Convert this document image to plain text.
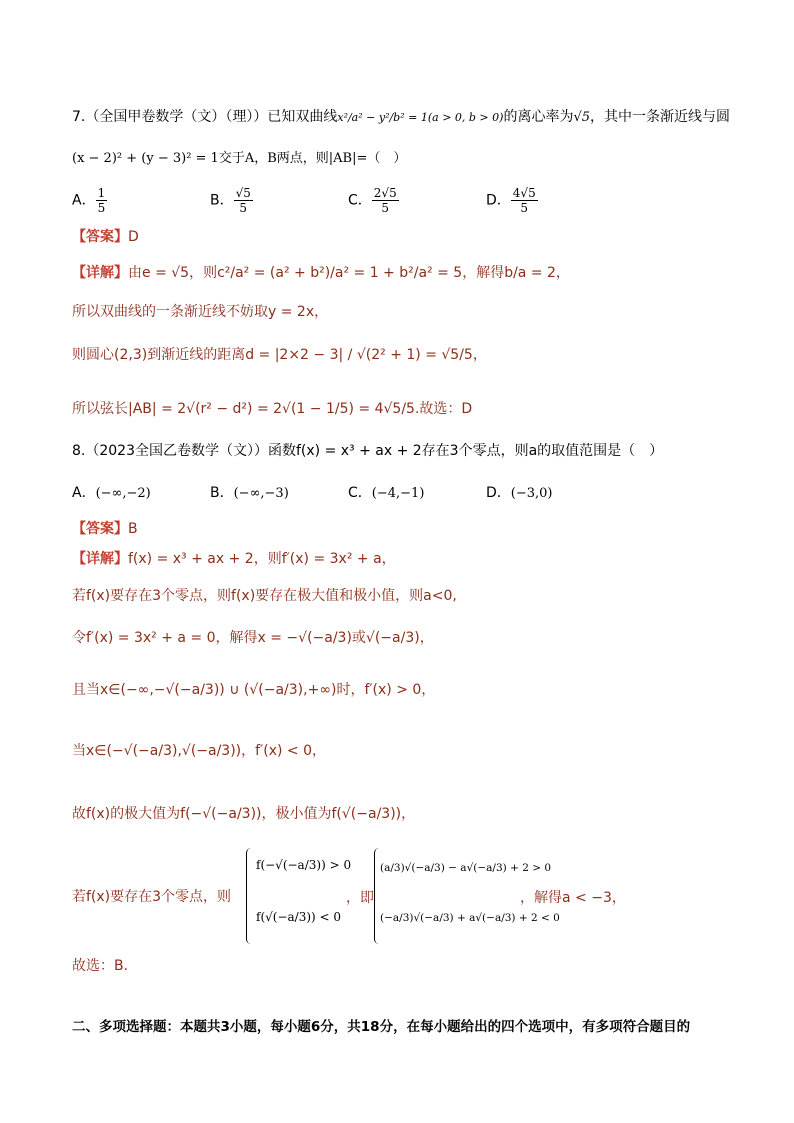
7.（全国甲卷数学（文）（理））已知双曲线x²/a² − y²/b² = 1(a > 0, b > 0)的离心率为√5，其中一条渐近线与圆
(x − 2)² + (y − 3)² = 1交于A，B两点，则|AB|=（　）
A． $\frac{1}{5}$	B． $\frac{√5}{5}$	C． $\frac{2√5}{5}$	D． $\frac{4√5}{5}$
【答案】D
【详解】由e = √5，则c²/a² = (a² + b²)/a² = 1 + b²/a² = 5，解得b/a = 2，
所以双曲线的一条渐近线不妨取y = 2x，
则圆心(2,3)到渐近线的距离d = |2×2 − 3| / √(2² + 1) = √5/5，
所以弦长|AB| = 2√(r² − d²) = 2√(1 − 1/5) = 4√5/5.故选：D
8.（2023全国乙卷数学（文））函数f(x) = x³ + ax + 2存在3个零点，则a的取值范围是（　）
A．(−∞,−2)	B．(−∞,−3)	C．(−4,−1)	D．(−3,0)
【答案】B
【详解】f(x) = x³ + ax + 2，则f′(x) = 3x² + a，
若f(x)要存在3个零点，则f(x)要存在极大值和极小值，则a<0,
令f′(x) = 3x² + a = 0，解得x = −√(−a/3)或√(−a/3)，
且当x∈(−∞,−√(−a/3)) ∪ (√(−a/3),+∞)时，f′(x) > 0，
当x∈(−√(−a/3),√(−a/3))，f′(x) < 0，
故f(x)的极大值为f(−√(−a/3))，极小值为f(√(−a/3))，
若f(x)要存在3个零点，则
f(−√(−a/3)) > 0
f(√(−a/3)) < 0
，即
(a/3)√(−a/3) − a√(−a/3) + 2 > 0
(−a/3)√(−a/3) + a√(−a/3) + 2 < 0
，解得a < −3，
故选：B.
二、多项选择题：本题共3小题，每小题6分，共18分，在每小题给出的四个选项中，有多项符合题目的
